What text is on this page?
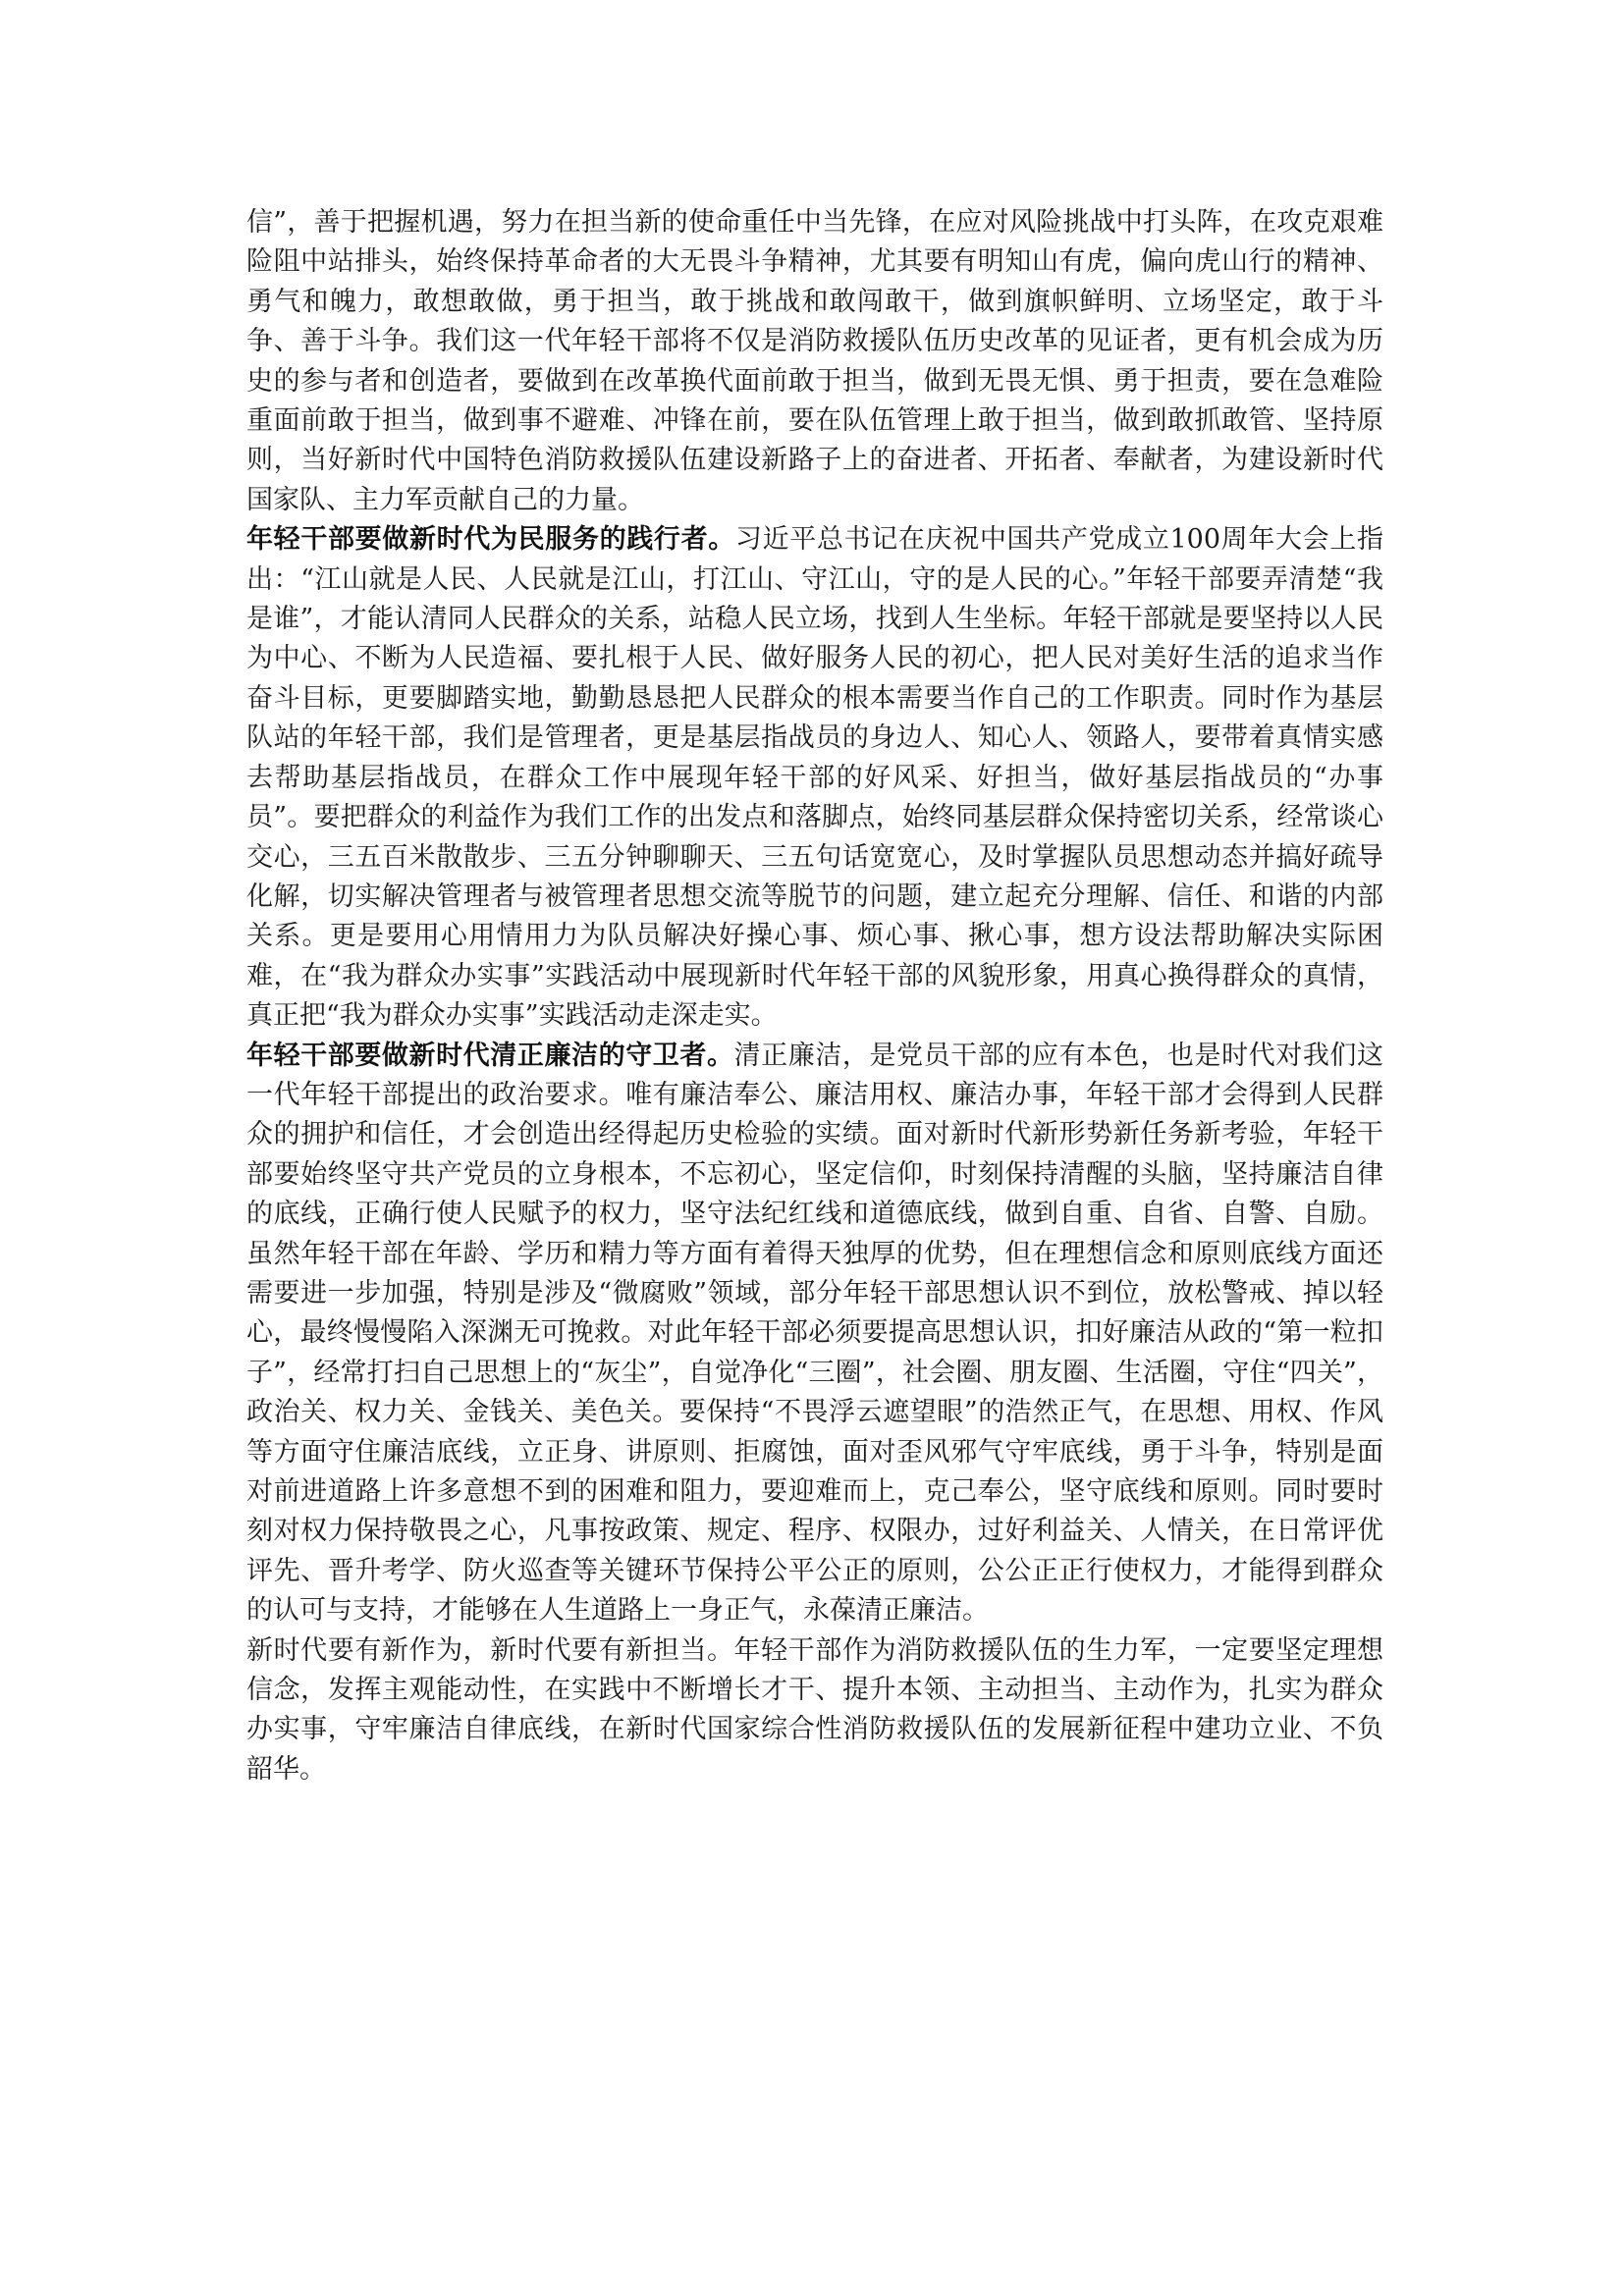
信”，善于把握机遇，努力在担当新的使命重任中当先锋，在应对风险挑战中打头阵，在攻克艰难险阻中站排头，始终保持革命者的大无畏斗争精神，尤其要有明知山有虎，偏向虎山行的精神、勇气和魄力，敢想敢做，勇于担当，敢于挑战和敢闯敢干，做到旗帜鲜明、立场坚定，敢于斗争、善于斗争。我们这一代年轻干部将不仅是消防救援队伍历史改革的见证者，更有机会成为历史的参与者和创造者，要做到在改革换代面前敢于担当，做到无畏无惧、勇于担责，要在急难险重面前敢于担当，做到事不避难、冲锋在前，要在队伍管理上敢于担当，做到敢抓敢管、坚持原则，当好新时代中国特色消防救援队伍建设新路子上的奋进者、开拓者、奉献者，为建设新时代国家队、主力军贡献自己的力量。

年轻干部要做新时代为民服务的践行者。习近平总书记在庆祝中国共产党成立100周年大会上指出：“江山就是人民、人民就是江山，打江山、守江山，守的是人民的心。”年轻干部要弄清楚“我是谁”，才能认清同人民群众的关系，站稳人民立场，找到人生坐标。年轻干部就是要坚持以人民为中心、不断为人民造福、要扎根于人民、做好服务人民的初心，把人民对美好生活的追求当作奋斗目标，更要脚踏实地，勤勤恳恳把人民群众的根本需要当作自己的工作职责。同时作为基层队站的年轻干部，我们是管理者，更是基层指战员的身边人、知心人、领路人，要带着真情实感去帮助基层指战员，在群众工作中展现年轻干部的好风采、好担当，做好基层指战员的“办事员”。要把群众的利益作为我们工作的出发点和落脚点，始终同基层群众保持密切关系，经常谈心交心，三五百米散散步、三五分钟聊聊天、三五句话宽宽心，及时掌握队员思想动态并搞好疏导化解，切实解决管理者与被管理者思想交流等脱节的问题，建立起充分理解、信任、和谐的内部关系。更是要用心用情用力为队员解决好操心事、烦心事、揪心事，想方设法帮助解决实际困难，在“我为群众办实事”实践活动中展现新时代年轻干部的风貌形象，用真心换得群众的真情，真正把“我为群众办实事”实践活动走深走实。

年轻干部要做新时代清正廉洁的守卫者。清正廉洁，是党员干部的应有本色，也是时代对我们这一代年轻干部提出的政治要求。唯有廉洁奉公、廉洁用权、廉洁办事，年轻干部才会得到人民群众的拥护和信任，才会创造出经得起历史检验的实绩。面对新时代新形势新任务新考验，年轻干部要始终坚守共产党员的立身根本，不忘初心，坚定信仰，时刻保持清醒的头脑，坚持廉洁自律的底线，正确行使人民赋予的权力，坚守法纪红线和道德底线，做到自重、自省、自警、自励。虽然年轻干部在年龄、学历和精力等方面有着得天独厚的优势，但在理想信念和原则底线方面还需要进一步加强，特别是涉及“微腐败”领域，部分年轻干部思想认识不到位，放松警戒、掉以轻心，最终慢慢陷入深渊无可挽救。对此年轻干部必须要提高思想认识，扣好廉洁从政的“第一粒扣子”，经常打扫自己思想上的“灰尘”，自觉净化“三圈”，社会圈、朋友圈、生活圈，守住“四关”，政治关、权力关、金钱关、美色关。要保持“不畏浮云遮望眼”的浩然正气，在思想、用权、作风等方面守住廉洁底线，立正身、讲原则、拒腐蚀，面对歪风邪气守牢底线，勇于斗争，特别是面对前进道路上许多意想不到的困难和阻力，要迎难而上，克己奉公，坚守底线和原则。同时要时刻对权力保持敬畏之心，凡事按政策、规定、程序、权限办，过好利益关、人情关，在日常评优评先、晋升考学、防火巡查等关键环节保持公平公正的原则，公公正正行使权力，才能得到群众的认可与支持，才能够在人生道路上一身正气，永葆清正廉洁。

新时代要有新作为，新时代要有新担当。年轻干部作为消防救援队伍的生力军，一定要坚定理想信念，发挥主观能动性，在实践中不断增长才干、提升本领、主动担当、主动作为，扎实为群众办实事，守牢廉洁自律底线，在新时代国家综合性消防救援队伍的发展新征程中建功立业、不负韶华。
